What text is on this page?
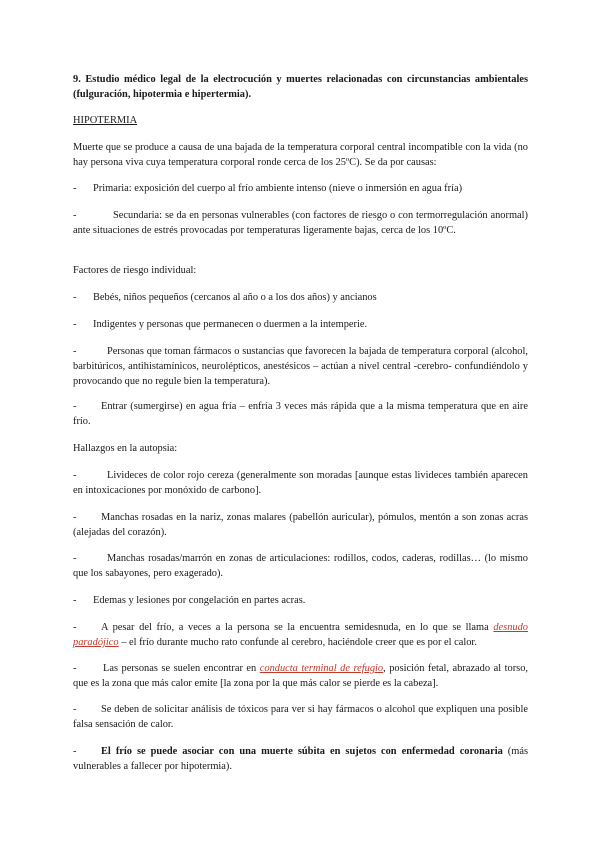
9. Estudio médico legal de la electrocución y muertes relacionadas con circunstancias ambientales (fulguración, hipotermia e hipertermia).
HIPOTERMIA
Muerte que se produce a causa de una bajada de la temperatura corporal central incompatible con la vida (no hay persona viva cuya temperatura corporal ronde cerca de los 25ºC). Se da por causas:
-	Primaria: exposición del cuerpo al frío ambiente intenso (nieve o inmersión en agua fría)
-	Secundaria: se da en personas vulnerables (con factores de riesgo o con termorregulación anormal) ante situaciones de estrés provocadas por temperaturas ligeramente bajas, cerca de los 10ºC.
Factores de riesgo individual:
-	Bebés, niños pequeños (cercanos al año o a los dos años) y ancianos
-	Indigentes y personas que permanecen o duermen a la intemperie.
-	Personas que toman fármacos o sustancias que favorecen la bajada de temperatura corporal (alcohol, barbitúricos, antihistamínicos, neurolépticos, anestésicos – actúan a nivel central -cerebro- confundiéndolo y provocando que no regule bien la temperatura).
-	Entrar (sumergirse) en agua fría – enfría 3 veces más rápida que a la misma temperatura que en aire frío.
Hallazgos en la autopsia:
-	Livideces de color rojo cereza (generalmente son moradas [aunque estas livideces también aparecen en intoxicaciones por monóxido de carbono].
-	Manchas rosadas en la nariz, zonas malares (pabellón auricular), pómulos, mentón a son zonas acras (alejadas del corazón).
-	Manchas rosadas/marrón en zonas de articulaciones: rodillos, codos, caderas, rodillas… (lo mismo que los sabayones, pero exagerado).
-	Edemas y lesiones por congelación en partes acras.
-	A pesar del frío, a veces a la persona se la encuentra semidesnuda, en lo que se llama desnudo paradójico – el frío durante mucho rato confunde al cerebro, haciéndole creer que es por el calor.
-	Las personas se suelen encontrar en conducta terminal de refugio, posición fetal, abrazado al torso, que es la zona que más calor emite [la zona por la que más calor se pierde es la cabeza].
-	Se deben de solicitar análisis de tóxicos para ver si hay fármacos o alcohol que expliquen una posible falsa sensación de calor.
-	El frío se puede asociar con una muerte súbita en sujetos con enfermedad coronaria (más vulnerables a fallecer por hipotermia).
